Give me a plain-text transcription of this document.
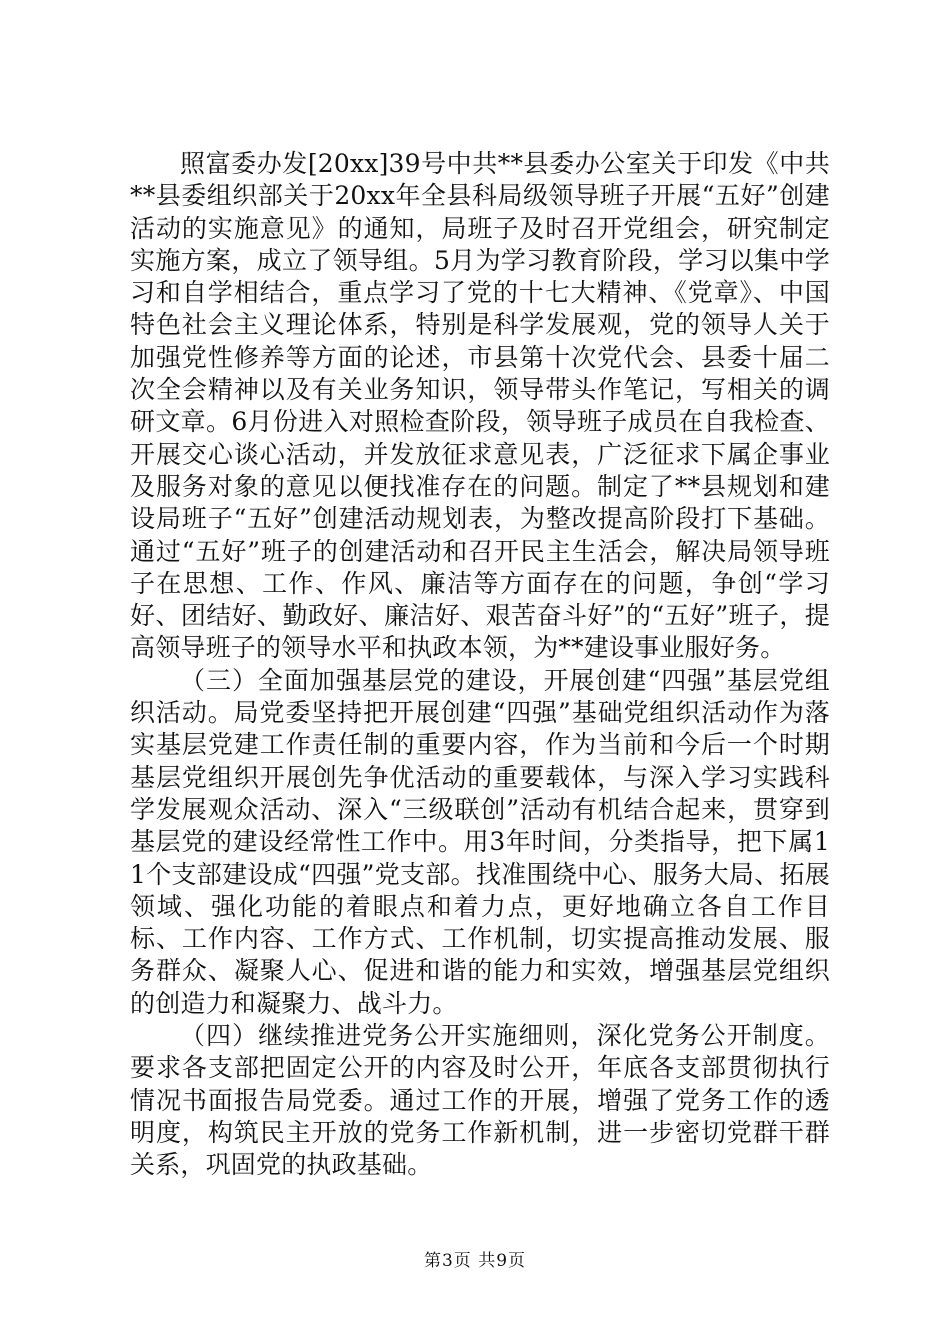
照富委办发[20xx]39号中共**县委办公室关于印发《中共**县委组织部关于20xx年全县科局级领导班子开展“五好”创建活动的实施意见》的通知，局班子及时召开党组会，研究制定实施方案，成立了领导组。5月为学习教育阶段，学习以集中学习和自学相结合，重点学习了党的十七大精神、《党章》、中国特色社会主义理论体系，特别是科学发展观，党的领导人关于加强党性修养等方面的论述，市县第十次党代会、县委十届二次全会精神以及有关业务知识，领导带头作笔记，写相关的调研文章。6月份进入对照检查阶段，领导班子成员在自我检查、开展交心谈心活动，并发放征求意见表，广泛征求下属企事业及服务对象的意见以便找准存在的问题。制定了**县规划和建设局班子“五好”创建活动规划表，为整改提高阶段打下基础。通过“五好”班子的创建活动和召开民主生活会，解决局领导班子在思想、工作、作风、廉洁等方面存在的问题，争创“学习好、团结好、勤政好、廉洁好、艰苦奋斗好”的“五好”班子，提高领导班子的领导水平和执政本领，为**建设事业服好务。

（三）全面加强基层党的建设，开展创建“四强”基层党组织活动。局党委坚持把开展创建“四强”基础党组织活动作为落实基层党建工作责任制的重要内容，作为当前和今后一个时期基层党组织开展创先争优活动的重要载体，与深入学习实践科学发展观众活动、深入“三级联创”活动有机结合起来，贯穿到基层党的建设经常性工作中。用3年时间，分类指导，把下属11个支部建设成“四强”党支部。找准围绕中心、服务大局、拓展领域、强化功能的着眼点和着力点，更好地确立各自工作目标、工作内容、工作方式、工作机制，切实提高推动发展、服务群众、凝聚人心、促进和谐的能力和实效，增强基层党组织的创造力和凝聚力、战斗力。

（四）继续推进党务公开实施细则，深化党务公开制度。要求各支部把固定公开的内容及时公开，年底各支部贯彻执行情况书面报告局党委。通过工作的开展，增强了党务工作的透明度，构筑民主开放的党务工作新机制，进一步密切党群干群关系，巩固党的执政基础。

第3页 共9页
